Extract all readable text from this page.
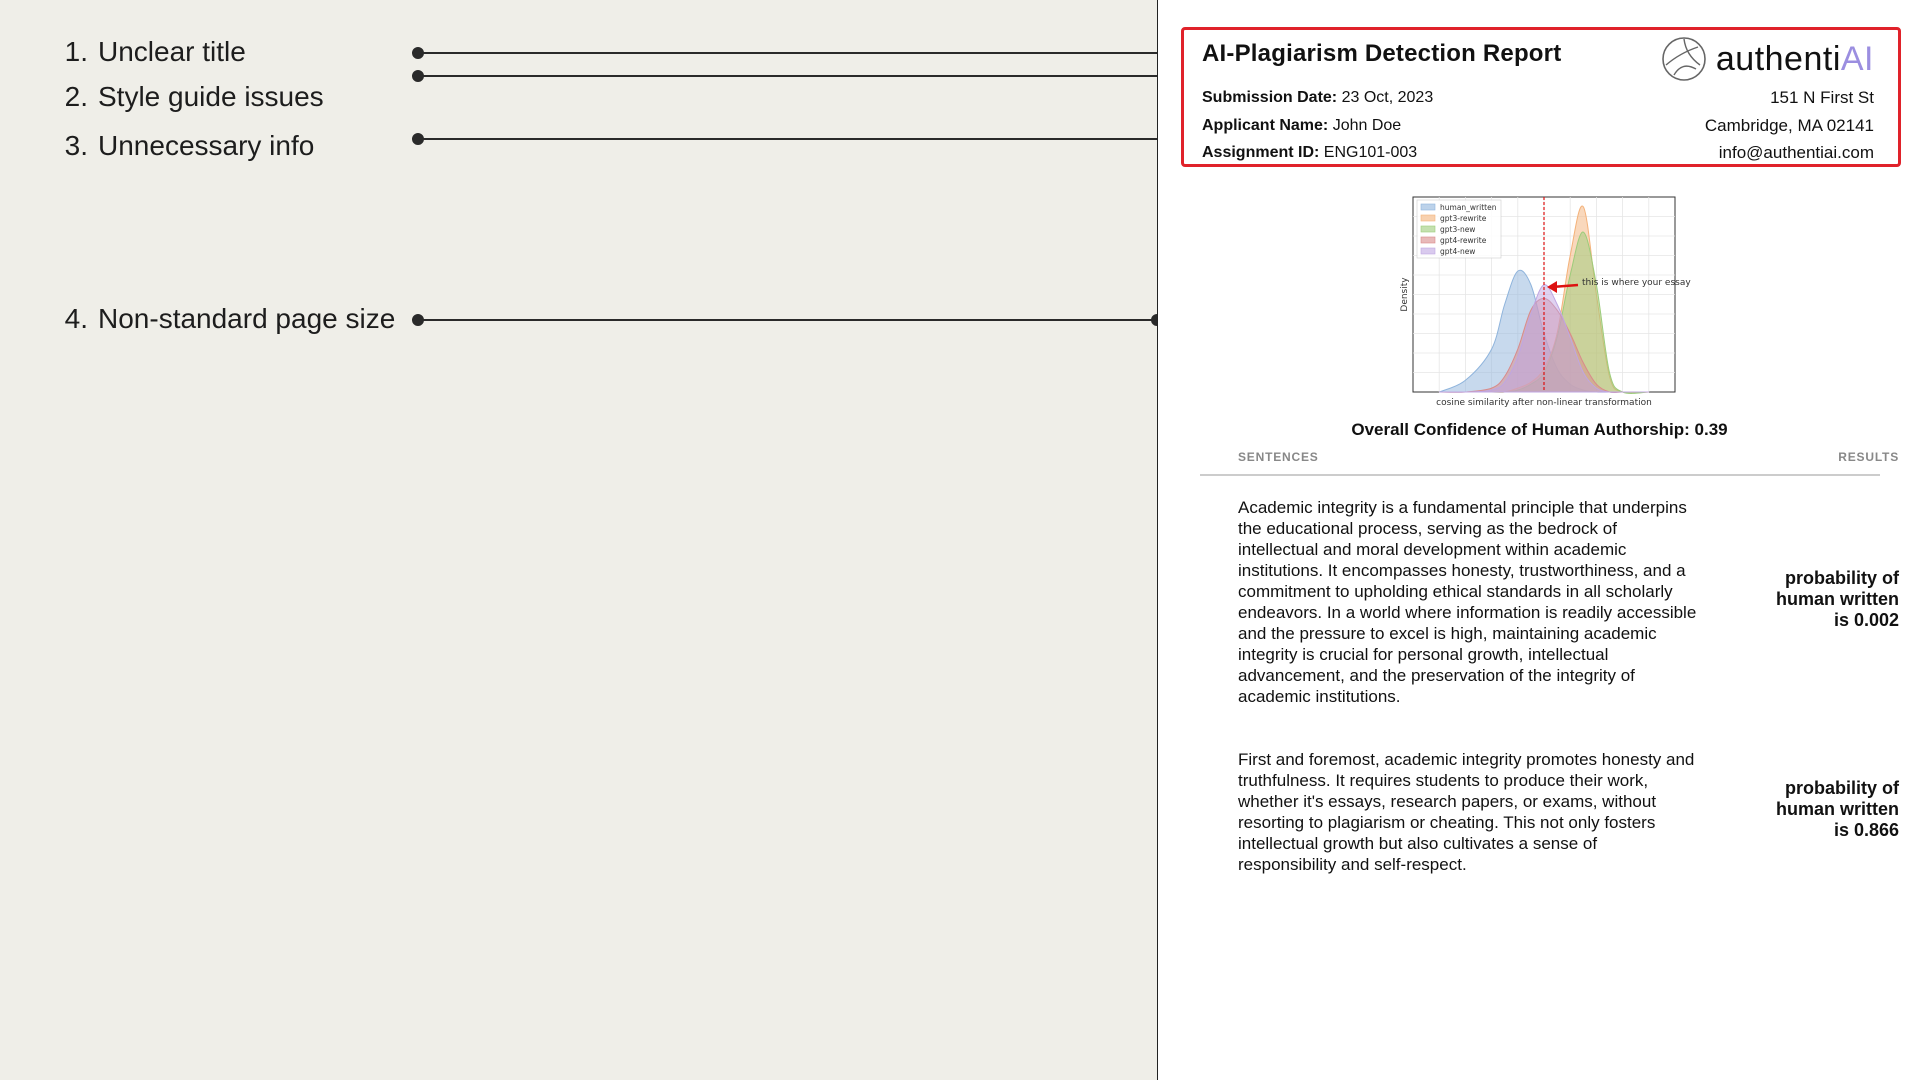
1. Unclear title
2. Style guide issues
3. Unnecessary info
4. Non-standard page size
AI-Plagiarism Detection Report
Submission Date: 23 Oct, 2023
Applicant Name: John Doe
Assignment ID: ENG101-003
authentiAI
151 N First St
Cambridge, MA 02141
info@authentiai.com
this is where your essay
human_written
gpt3-rewrite
gpt3-new
gpt4-rewrite
gpt4-new
cosine similarity after non-linear transformation
Density
Overall Confidence of Human Authorship: 0.39
SENTENCES	RESULTS
Academic integrity is a fundamental principle that underpins the educational process, serving as the bedrock of intellectual and moral development within academic institutions. It encompasses honesty, trustworthiness, and a commitment to upholding ethical standards in all scholarly endeavors. In a world where information is readily accessible and the pressure to excel is high, maintaining academic integrity is crucial for personal growth, intellectual advancement, and the preservation of the integrity of academic institutions.
probability of human written is 0.002
First and foremost, academic integrity promotes honesty and truthfulness. It requires students to produce their work, whether it's essays, research papers, or exams, without resorting to plagiarism or cheating. This not only fosters intellectual growth but also cultivates a sense of responsibility and self-respect.
probability of human written is 0.866
